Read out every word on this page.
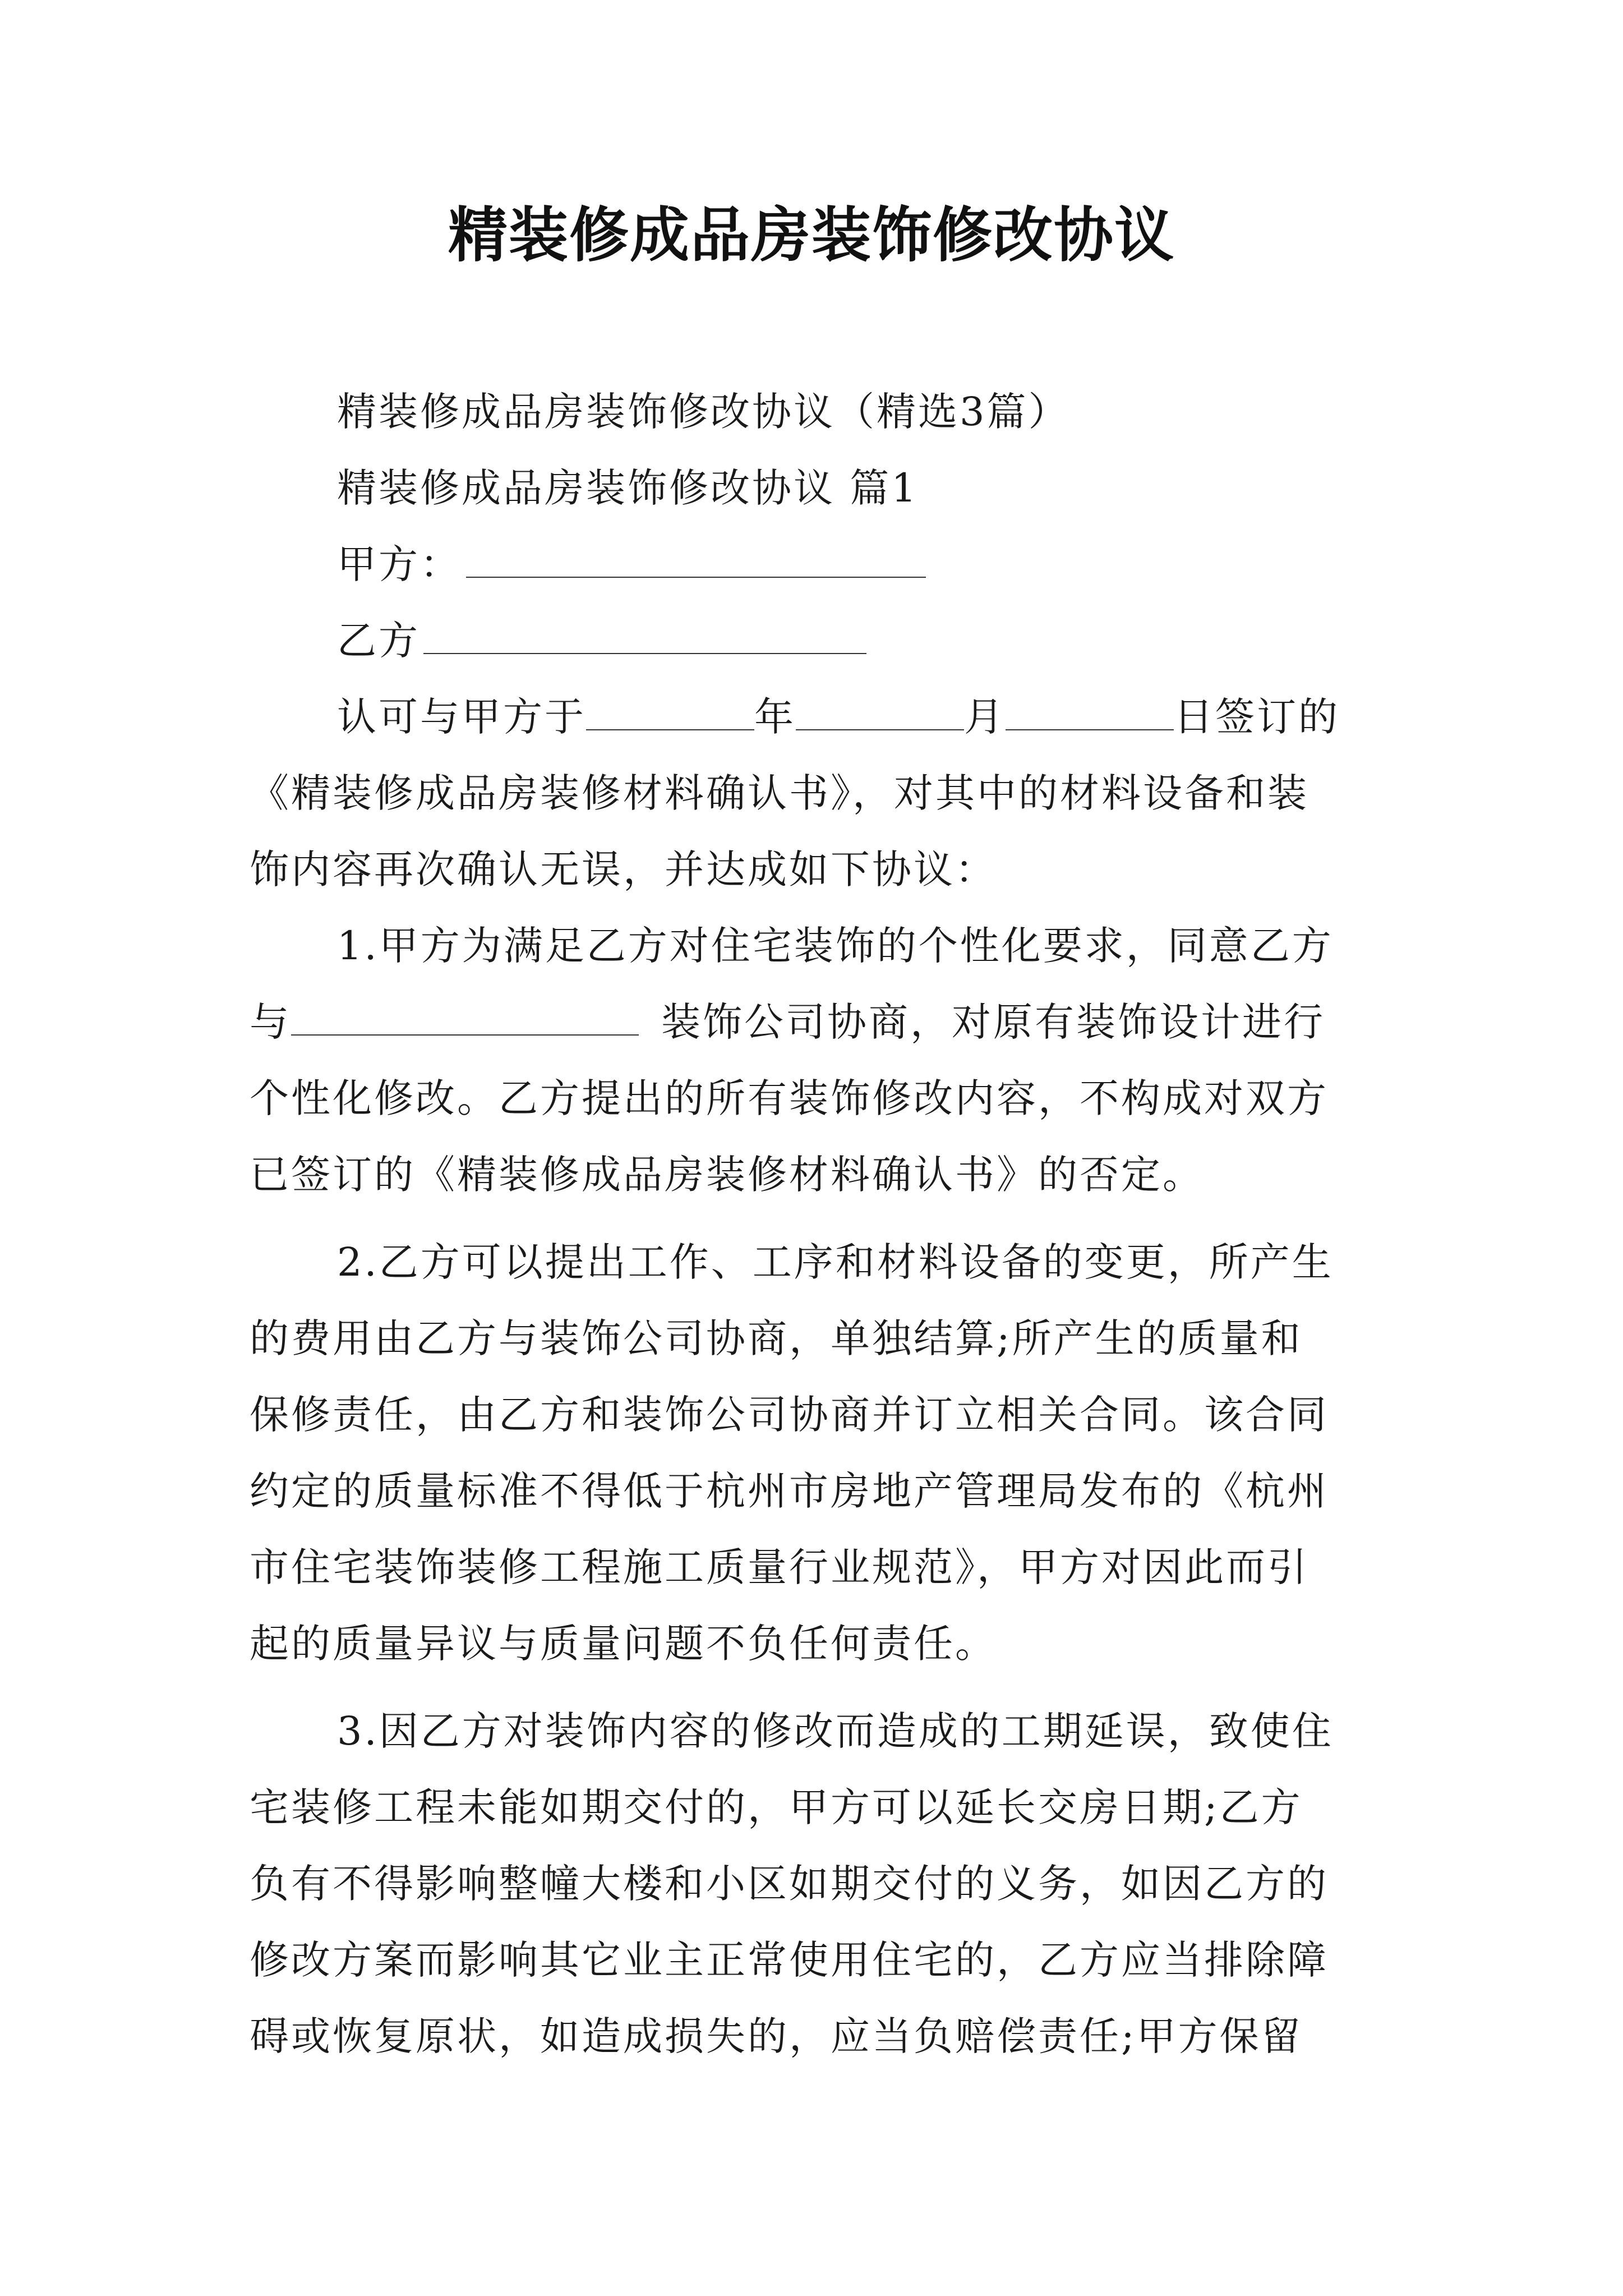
精装修成品房装饰修改协议

精装修成品房装饰修改协议（精选3篇）

精装修成品房装饰修改协议 篇1

甲方：

乙方

认可与甲方于	年	月	日签订的

《精装修成品房装修材料确认书》，对其中的材料设备和装

饰内容再次确认无误，并达成如下协议：

1.甲方为满足乙方对住宅装饰的个性化要求，同意乙方

与	装饰公司协商，对原有装饰设计进行

个性化修改。乙方提出的所有装饰修改内容，不构成对双方

已签订的《精装修成品房装修材料确认书》的否定。

2.乙方可以提出工作、工序和材料设备的变更，所产生

的费用由乙方与装饰公司协商，单独结算;所产生的质量和

保修责任，由乙方和装饰公司协商并订立相关合同。该合同

约定的质量标准不得低于杭州市房地产管理局发布的《杭州

市住宅装饰装修工程施工质量行业规范》，甲方对因此而引

起的质量异议与质量问题不负任何责任。

3.因乙方对装饰内容的修改而造成的工期延误，致使住

宅装修工程未能如期交付的，甲方可以延长交房日期;乙方

负有不得影响整幢大楼和小区如期交付的义务，如因乙方的

修改方案而影响其它业主正常使用住宅的，乙方应当排除障

碍或恢复原状，如造成损失的，应当负赔偿责任;甲方保留
